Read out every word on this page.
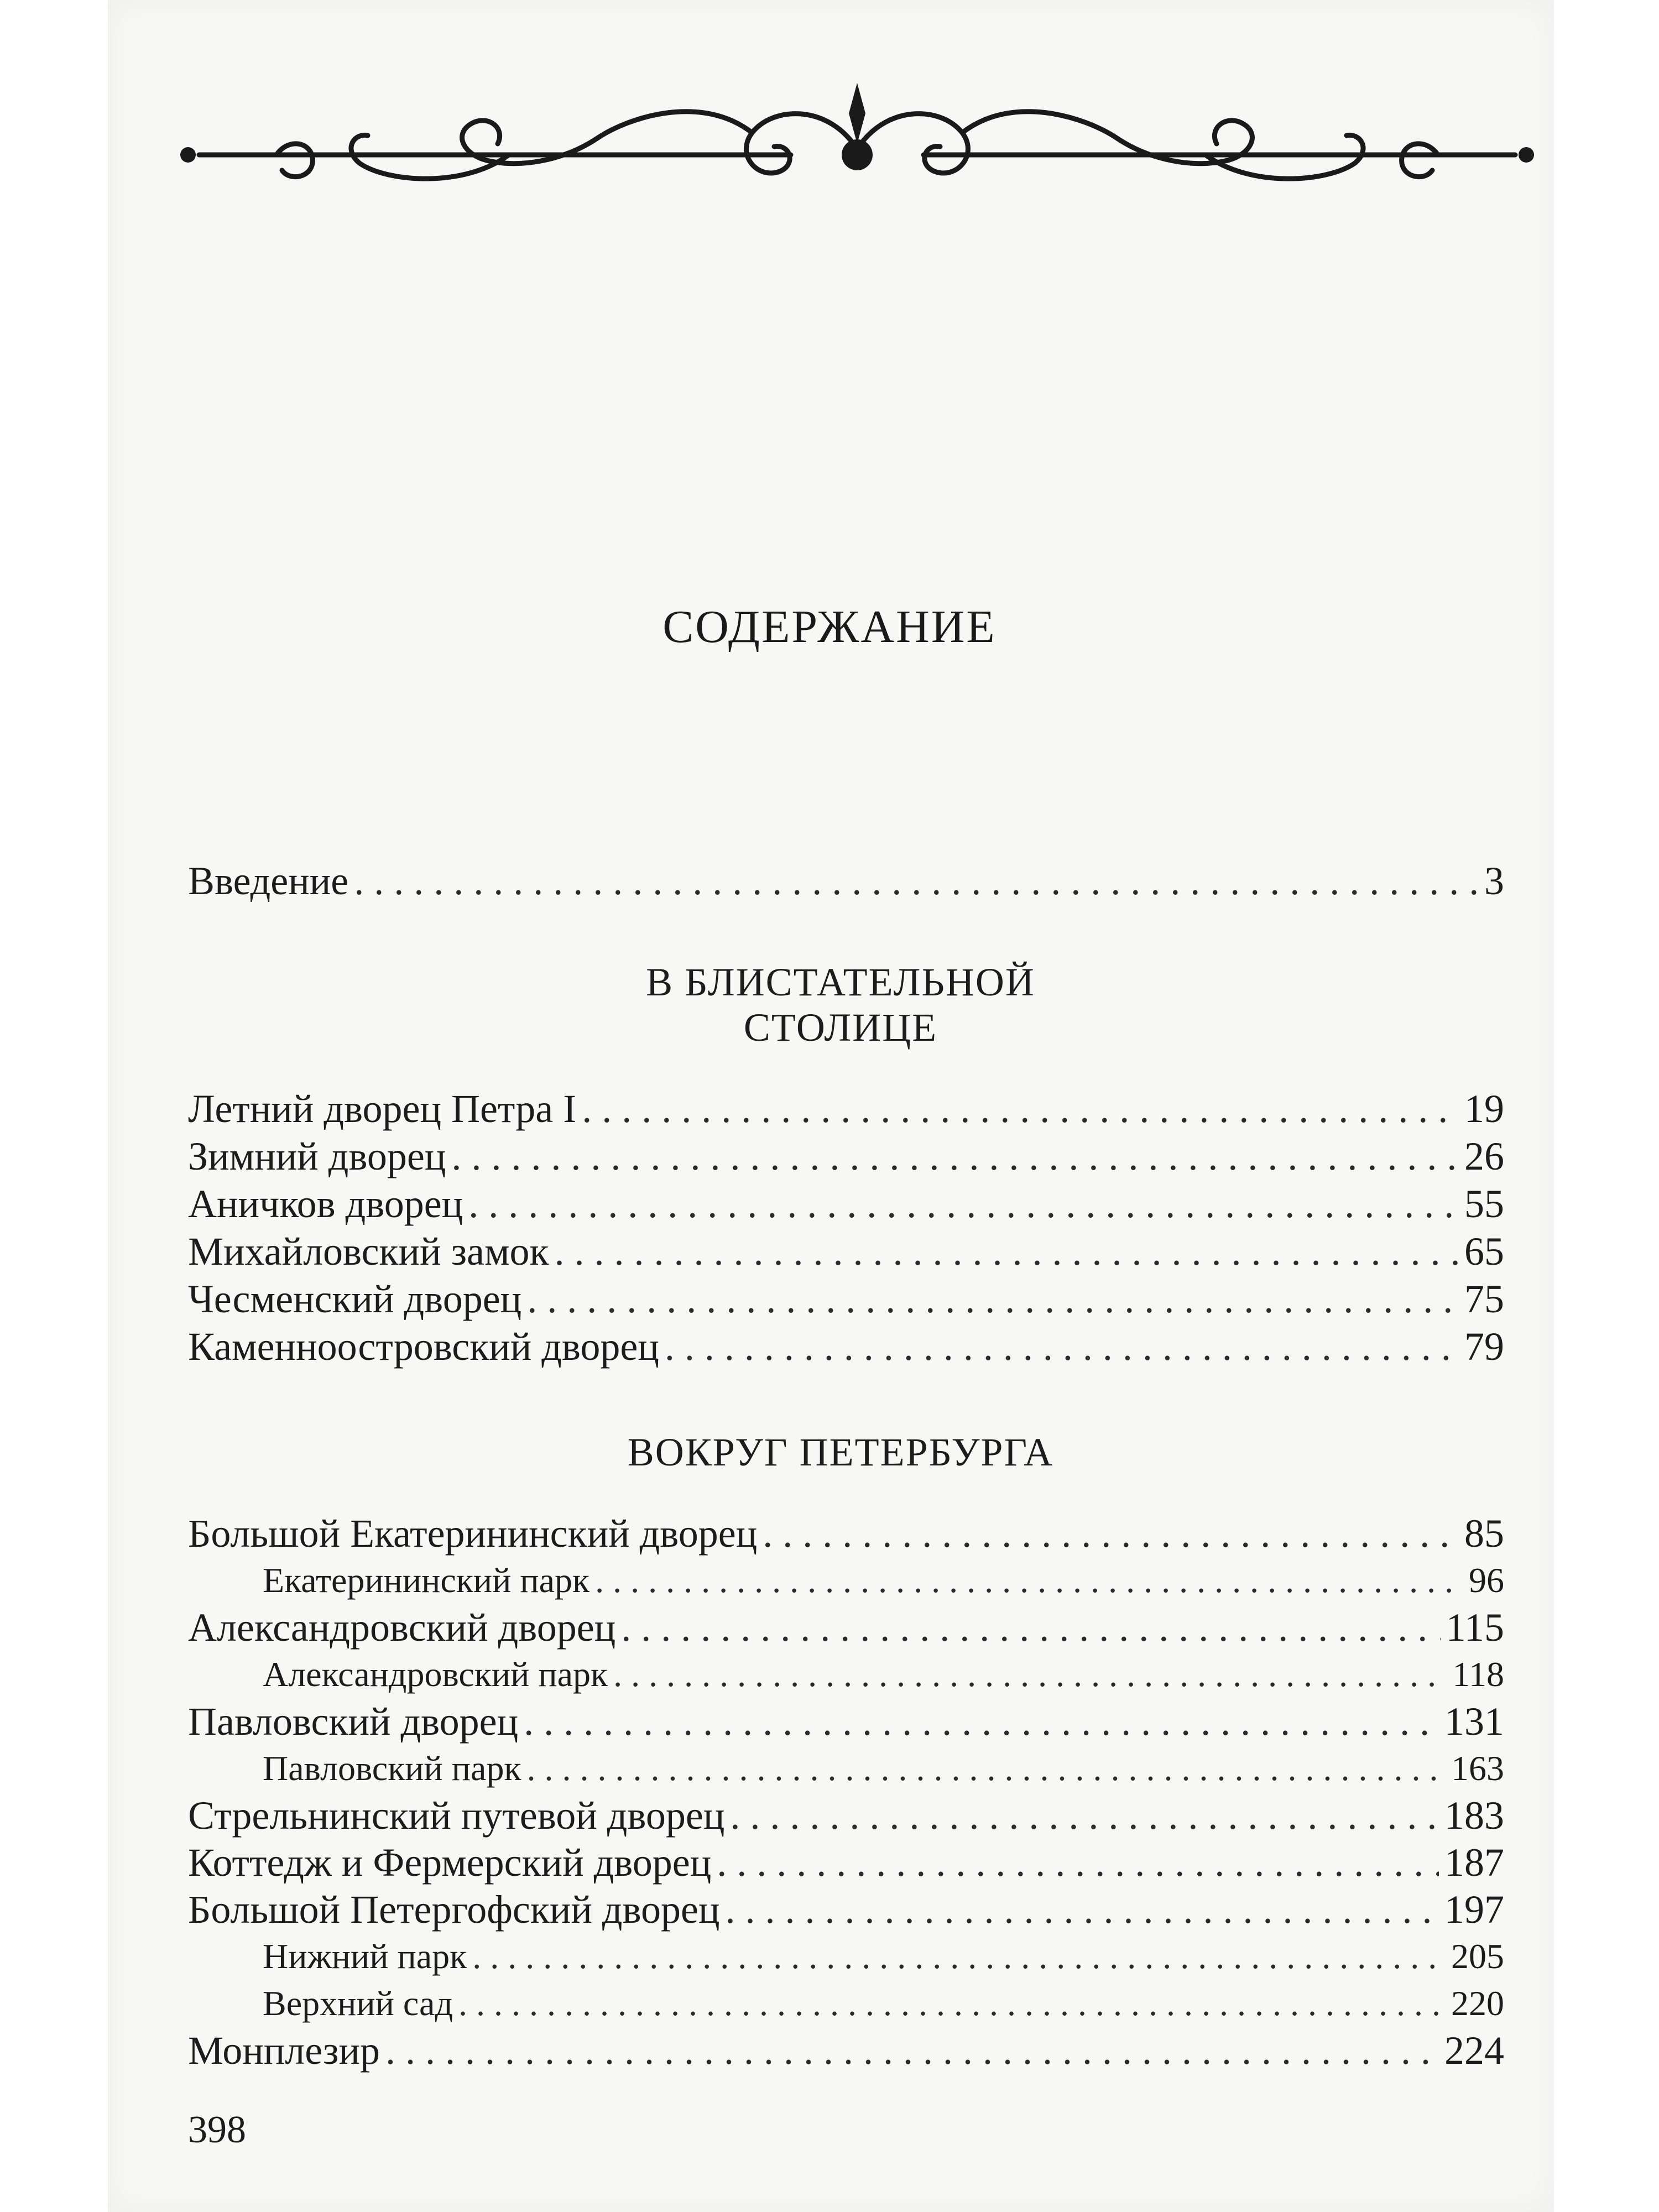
СОДЕРЖАНИЕ
Введение . . .	3
В БЛИСТАТЕЛЬНОЙ
СТОЛИЦЕ
Летний дворец Петра I . . .	19
Зимний дворец . . .	26
Аничков дворец . . .	55
Михайловский замок . . .	65
Чесменский дворец . . .	75
Каменноостровский дворец . . .	79
ВОКРУГ ПЕТЕРБУРГА
Большой Екатерининский дворец . . .	85
Екатерининский парк . . .	96
Александровский дворец . . .	115
Александровский парк . . .	118
Павловский дворец . . .	131
Павловский парк . . .	163
Стрельнинский путевой дворец . . .	183
Коттедж и Фермерский дворец . . .	187
Большой Петергофский дворец . . .	197
Нижний парк . . .	205
Верхний сад . . .	220
Монплезир . . .	224
398
